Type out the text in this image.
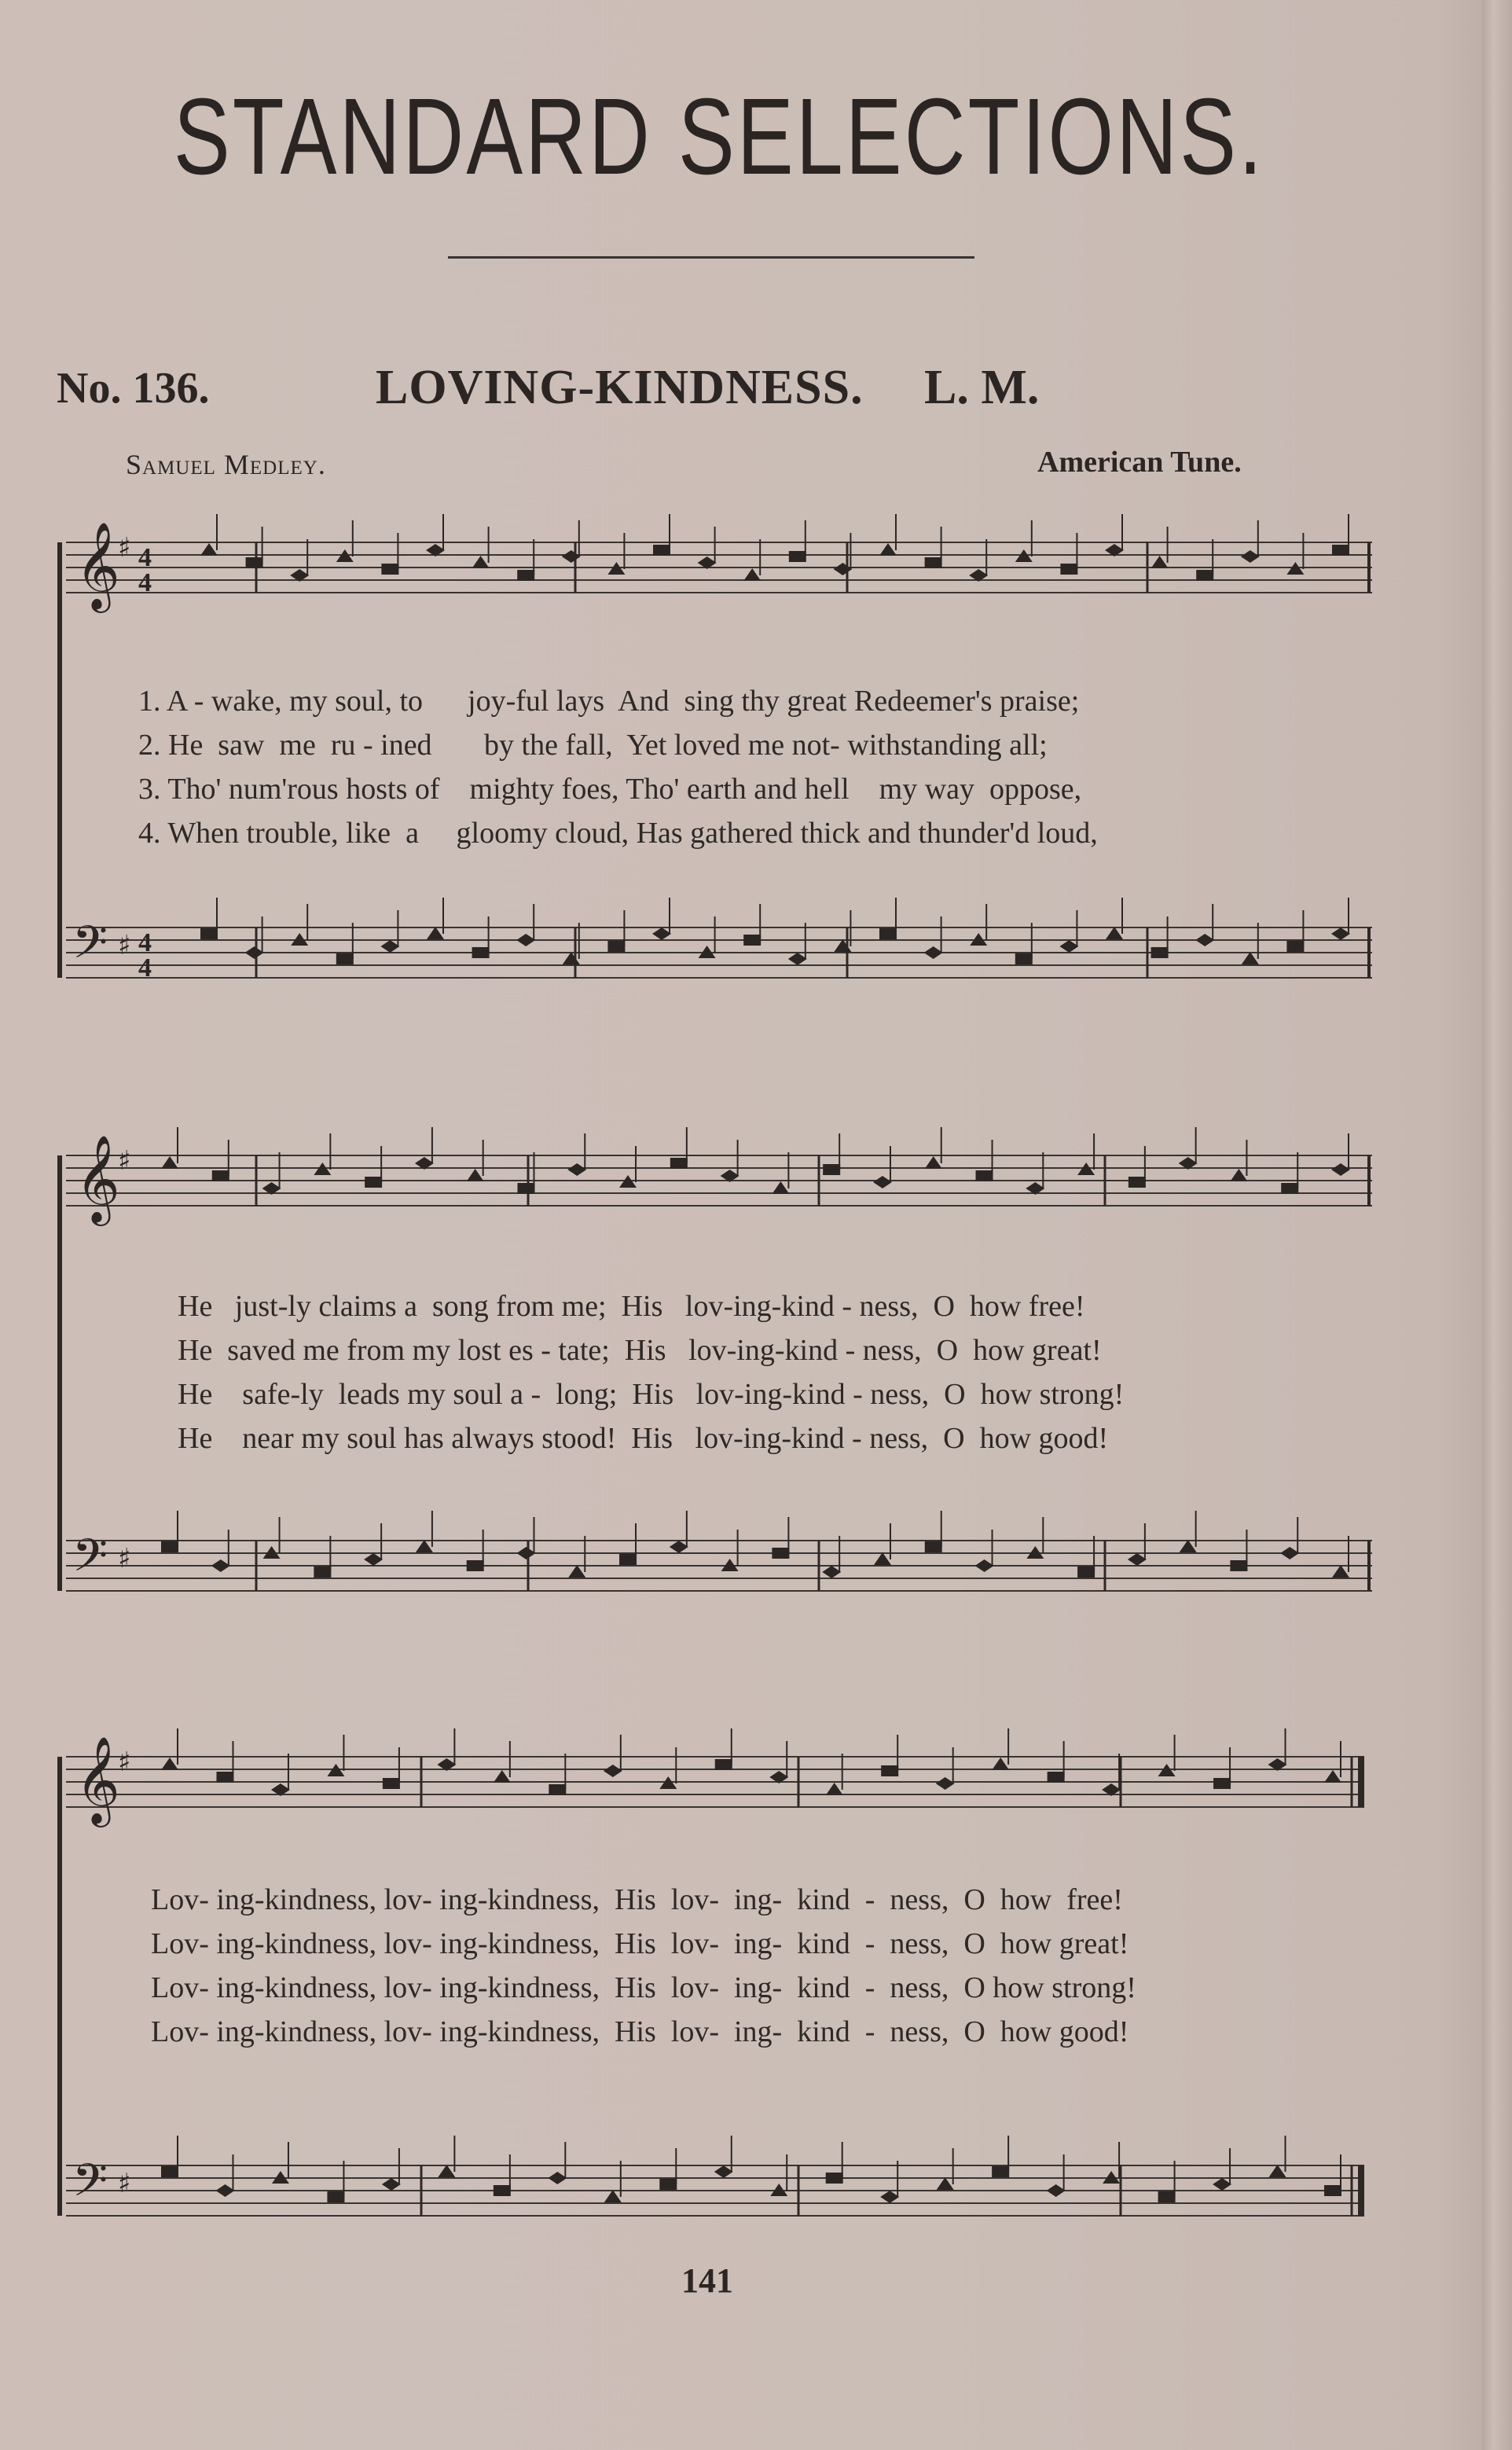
STANDARD SELECTIONS.
No. 136.	LOVING-KINDNESS. L. M.
Samuel Medley.	American Tune.
𝄞
𝄢
♯
♯
4
4
4
4
1. A - wake, my soul, to      joy-ful lays  And  sing thy great Redeemer's praise;
2. He  saw  me  ru - ined       by the fall,  Yet loved me not- withstanding all;
3. Tho' num'rous hosts of    mighty foes, Tho' earth and hell    my way  oppose,
4. When trouble, like  a     gloomy cloud, Has gathered thick and thunder'd loud,
𝄞
𝄢
♯
♯
He   just-ly claims a  song from me;  His   lov-ing-kind - ness,  O  how free!
He  saved me from my lost es - tate;  His   lov-ing-kind - ness,  O  how great!
He    safe-ly  leads my soul a -  long;  His   lov-ing-kind - ness,  O  how strong!
He    near my soul has always stood!  His   lov-ing-kind - ness,  O  how good!
𝄞
𝄢
♯
♯
Lov- ing-kindness, lov- ing-kindness,  His  lov-  ing-  kind  -  ness,  O  how  free!
Lov- ing-kindness, lov- ing-kindness,  His  lov-  ing-  kind  -  ness,  O  how great!
Lov- ing-kindness, lov- ing-kindness,  His  lov-  ing-  kind  -  ness,  O how strong!
Lov- ing-kindness, lov- ing-kindness,  His  lov-  ing-  kind  -  ness,  O  how good!
141
